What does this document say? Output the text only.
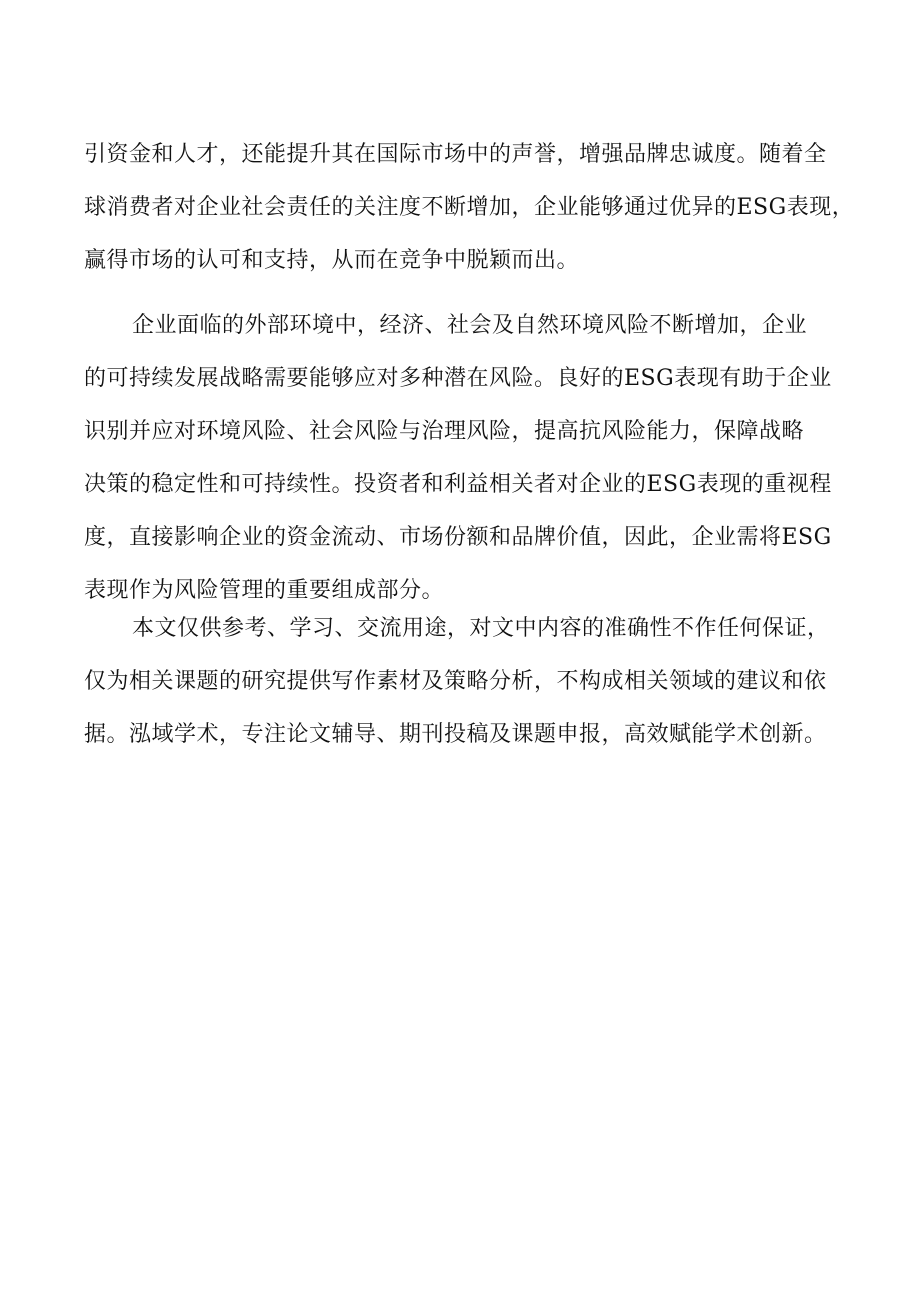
引资金和人才，还能提升其在国际市场中的声誉，增强品牌忠诚度。随着全
球消费者对企业社会责任的关注度不断增加，企业能够通过优异的ESG表现，
赢得市场的认可和支持，从而在竞争中脱颖而出。
企业面临的外部环境中，经济、社会及自然环境风险不断增加，企业
的可持续发展战略需要能够应对多种潜在风险。良好的ESG表现有助于企业
识别并应对环境风险、社会风险与治理风险，提高抗风险能力，保障战略
决策的稳定性和可持续性。投资者和利益相关者对企业的ESG表现的重视程
度，直接影响企业的资金流动、市场份额和品牌价值，因此，企业需将ESG
表现作为风险管理的重要组成部分。
本文仅供参考、学习、交流用途，对文中内容的准确性不作任何保证，
仅为相关课题的研究提供写作素材及策略分析，不构成相关领域的建议和依
据。泓域学术，专注论文辅导、期刊投稿及课题申报，高效赋能学术创新。
